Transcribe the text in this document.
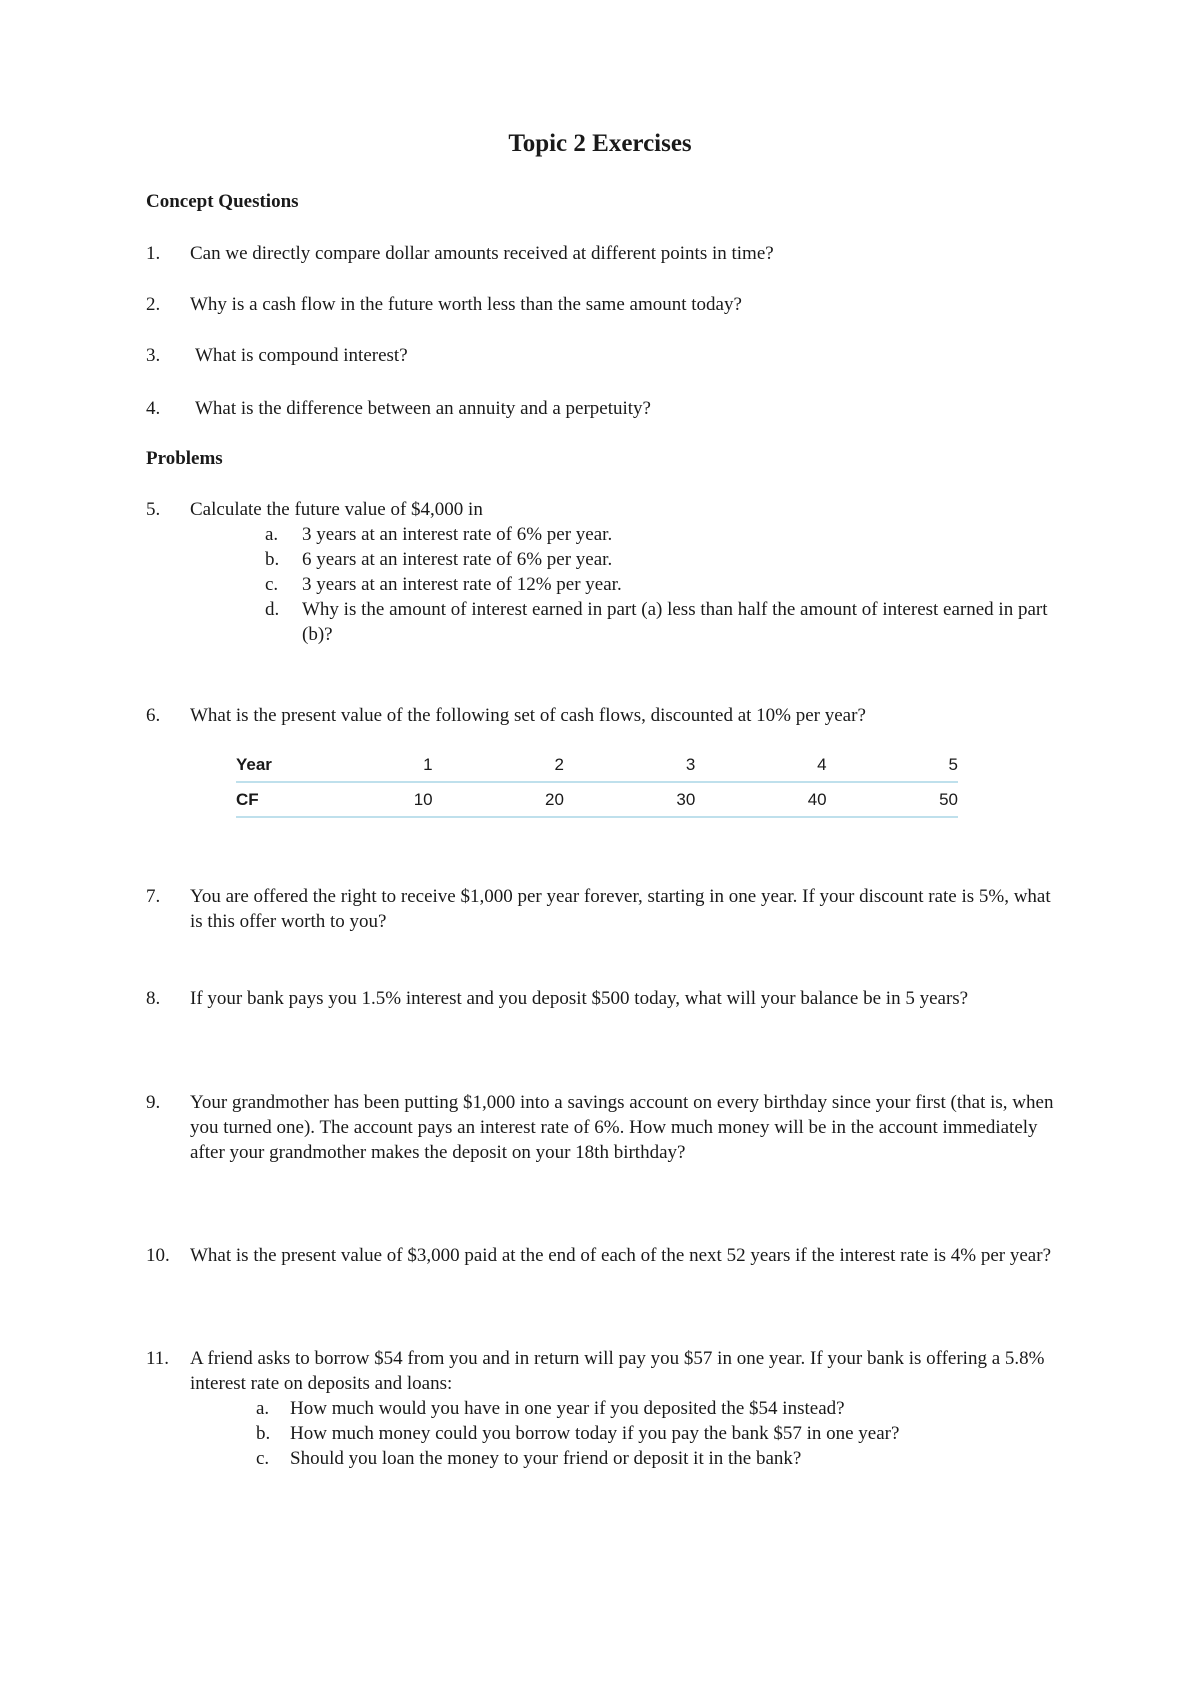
Topic 2 Exercises
Concept Questions
1. Can we directly compare dollar amounts received at different points in time?
2. Why is a cash flow in the future worth less than the same amount today?
3. What is compound interest?
4. What is the difference between an annuity and a perpetuity?
Problems
5. Calculate the future value of $4,000 in
a. 3 years at an interest rate of 6% per year.
b. 6 years at an interest rate of 6% per year.
c. 3 years at an interest rate of 12% per year.
d. Why is the amount of interest earned in part (a) less than half the amount of interest earned in part (b)?
6. What is the present value of the following set of cash flows, discounted at 10% per year?
Year	1	2	3	4	5
CF	10	20	30	40	50
7. You are offered the right to receive $1,000 per year forever, starting in one year. If your discount rate is 5%, what is this offer worth to you?
8. If your bank pays you 1.5% interest and you deposit $500 today, what will your balance be in 5 years?
9. Your grandmother has been putting $1,000 into a savings account on every birthday since your first (that is, when you turned one). The account pays an interest rate of 6%. How much money will be in the account immediately after your grandmother makes the deposit on your 18th birthday?
10. What is the present value of $3,000 paid at the end of each of the next 52 years if the interest rate is 4% per year?
11. A friend asks to borrow $54 from you and in return will pay you $57 in one year. If your bank is offering a 5.8% interest rate on deposits and loans:
a. How much would you have in one year if you deposited the $54 instead?
b. How much money could you borrow today if you pay the bank $57 in one year?
c. Should you loan the money to your friend or deposit it in the bank?
